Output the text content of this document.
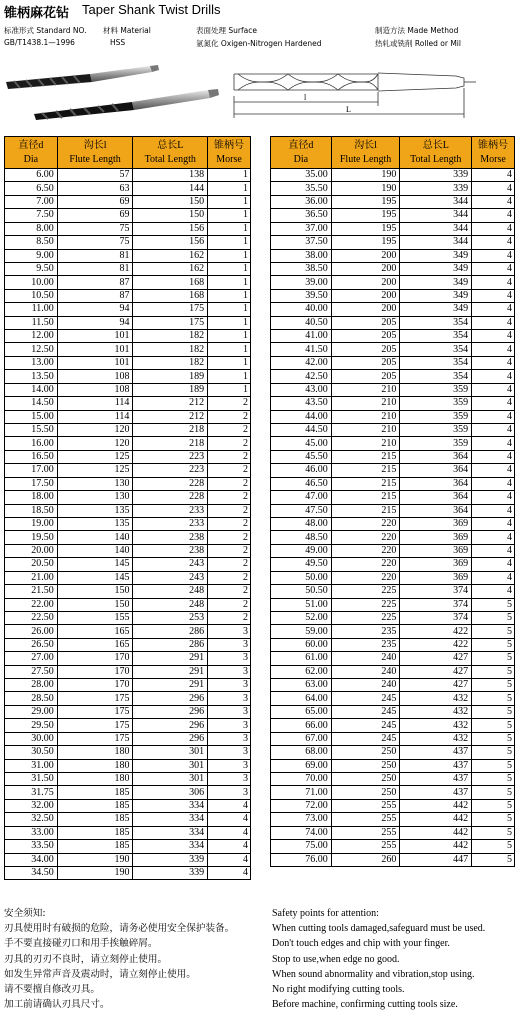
锥柄麻花钻 Taper Shank Twist Drills
标准形式 Standard NO. 材料 Material	表面处理 Surface	制造方法 Made Method
GB/T1438.1—1996	HSS	氩氮化 Oxigen-Nitrogen Hardened	热轧或铣削 Rolled or Mil
l
L
直径d
Dia	沟长l
Flute Length	总长L
Total Length	锥柄号
Morse
6.00	57	138	1
6.50	63	144	1
7.00	69	150	1
7.50	69	150	1
8.00	75	156	1
8.50	75	156	1
9.00	81	162	1
9.50	81	162	1
10.00	87	168	1
10.50	87	168	1
11.00	94	175	1
11.50	94	175	1
12.00	101	182	1
12.50	101	182	1
13.00	101	182	1
13.50	108	189	1
14.00	108	189	1
14.50	114	212	2
15.00	114	212	2
15.50	120	218	2
16.00	120	218	2
16.50	125	223	2
17.00	125	223	2
17.50	130	228	2
18.00	130	228	2
18.50	135	233	2
19.00	135	233	2
19.50	140	238	2
20.00	140	238	2
20.50	145	243	2
21.00	145	243	2
21.50	150	248	2
22.00	150	248	2
22.50	155	253	2
26.00	165	286	3
26.50	165	286	3
27.00	170	291	3
27.50	170	291	3
28.00	170	291	3
28.50	175	296	3
29.00	175	296	3
29.50	175	296	3
30.00	175	296	3
30.50	180	301	3
31.00	180	301	3
31.50	180	301	3
31.75	185	306	3
32.00	185	334	4
32.50	185	334	4
33.00	185	334	4
33.50	185	334	4
34.00	190	339	4
34.50	190	339	4
直径d
Dia	沟长l
Flute Length	总长L
Total Length	锥柄号
Morse
35.00	190	339	4
35.50	190	339	4
36.00	195	344	4
36.50	195	344	4
37.00	195	344	4
37.50	195	344	4
38.00	200	349	4
38.50	200	349	4
39.00	200	349	4
39.50	200	349	4
40.00	200	349	4
40.50	205	354	4
41.00	205	354	4
41.50	205	354	4
42.00	205	354	4
42.50	205	354	4
43.00	210	359	4
43.50	210	359	4
44.00	210	359	4
44.50	210	359	4
45.00	210	359	4
45.50	215	364	4
46.00	215	364	4
46.50	215	364	4
47.00	215	364	4
47.50	215	364	4
48.00	220	369	4
48.50	220	369	4
49.00	220	369	4
49.50	220	369	4
50.00	220	369	4
50.50	225	374	4
51.00	225	374	5
52.00	225	374	5
59.00	235	422	5
60.00	235	422	5
61.00	240	427	5
62.00	240	427	5
63.00	240	427	5
64.00	245	432	5
65.00	245	432	5
66.00	245	432	5
67.00	245	432	5
68.00	250	437	5
69.00	250	437	5
70.00	250	437	5
71.00	250	437	5
72.00	255	442	5
73.00	255	442	5
74.00	255	442	5
75.00	255	442	5
76.00	260	447	5
安全须知:
刃具使用时有破损的危险，请务必使用安全保护装备。
手不要直接碰刃口和用手挨触碎屑。
刃具的刃刃不良时，请立刻停止使用。
如发生异常声音及震动时，请立刻停止使用。
请不要擅自修改刃具。
加工前请确认刃具尺寸。
Safety points for attention:
When cutting tools damaged,safeguard must be used.
Don't touch edges and chip with your finger.
Stop to use,when edge no good.
When sound abnormality and vibration,stop using.
No right modifying cutting tools.
Before machine, confirming cutting tools size.
